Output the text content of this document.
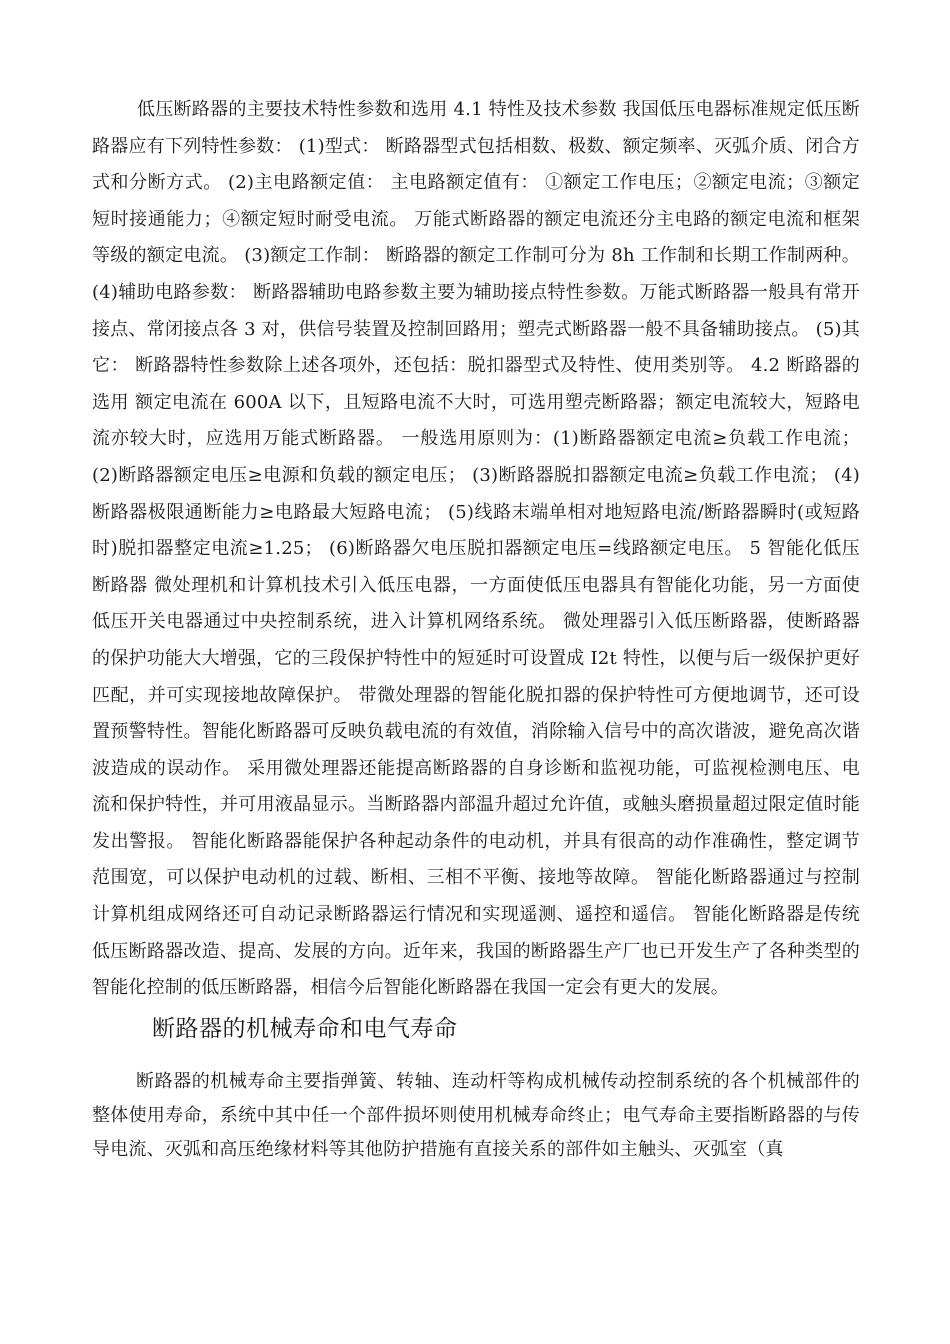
低压断路器的主要技术特性参数和选用 4.1 特性及技术参数 我国低压电器标准规定低压断路器应有下列特性参数： (1)型式： 断路器型式包括相数、极数、额定频率、灭弧介质、闭合方式和分断方式。 (2)主电路额定值： 主电路额定值有： ①额定工作电压；②额定电流；③额定短时接通能力；④额定短时耐受电流。 万能式断路器的额定电流还分主电路的额定电流和框架等级的额定电流。 (3)额定工作制： 断路器的额定工作制可分为 8h 工作制和长期工作制两种。 (4)辅助电路参数： 断路器辅助电路参数主要为辅助接点特性参数。万能式断路器一般具有常开接点、常闭接点各 3 对，供信号装置及控制回路用；塑壳式断路器一般不具备辅助接点。 (5)其它： 断路器特性参数除上述各项外，还包括：脱扣器型式及特性、使用类别等。 4.2 断路器的选用 额定电流在 600A 以下，且短路电流不大时，可选用塑壳断路器；额定电流较大，短路电流亦较大时，应选用万能式断路器。 一般选用原则为：(1)断路器额定电流≥负载工作电流； (2)断路器额定电压≥电源和负载的额定电压； (3)断路器脱扣器额定电流≥负载工作电流； (4)断路器极限通断能力≥电路最大短路电流； (5)线路末端单相对地短路电流/断路器瞬时(或短路时)脱扣器整定电流≥1.25； (6)断路器欠电压脱扣器额定电压=线路额定电压。 5 智能化低压断路器 微处理机和计算机技术引入低压电器，一方面使低压电器具有智能化功能，另一方面使低压开关电器通过中央控制系统，进入计算机网络系统。 微处理器引入低压断路器，使断路器的保护功能大大增强，它的三段保护特性中的短延时可设置成 I2t 特性，以便与后一级保护更好匹配，并可实现接地故障保护。 带微处理器的智能化脱扣器的保护特性可方便地调节，还可设置预警特性。智能化断路器可反映负载电流的有效值，消除输入信号中的高次谐波，避免高次谐波造成的误动作。 采用微处理器还能提高断路器的自身诊断和监视功能，可监视检测电压、电流和保护特性，并可用液晶显示。当断路器内部温升超过允许值，或触头磨损量超过限定值时能发出警报。 智能化断路器能保护各种起动条件的电动机，并具有很高的动作准确性，整定调节范围宽，可以保护电动机的过载、断相、三相不平衡、接地等故障。 智能化断路器通过与控制计算机组成网络还可自动记录断路器运行情况和实现遥测、遥控和遥信。 智能化断路器是传统低压断路器改造、提高、发展的方向。近年来，我国的断路器生产厂也已开发生产了各种类型的智能化控制的低压断路器，相信今后智能化断路器在我国一定会有更大的发展。

断路器的机械寿命和电气寿命

断路器的机械寿命主要指弹簧、转轴、连动杆等构成机械传动控制系统的各个机械部件的整体使用寿命，系统中其中任一个部件损坏则使用机械寿命终止；电气寿命主要指断路器的与传导电流、灭弧和高压绝缘材料等其他防护措施有直接关系的部件如主触头、灭弧室（真
